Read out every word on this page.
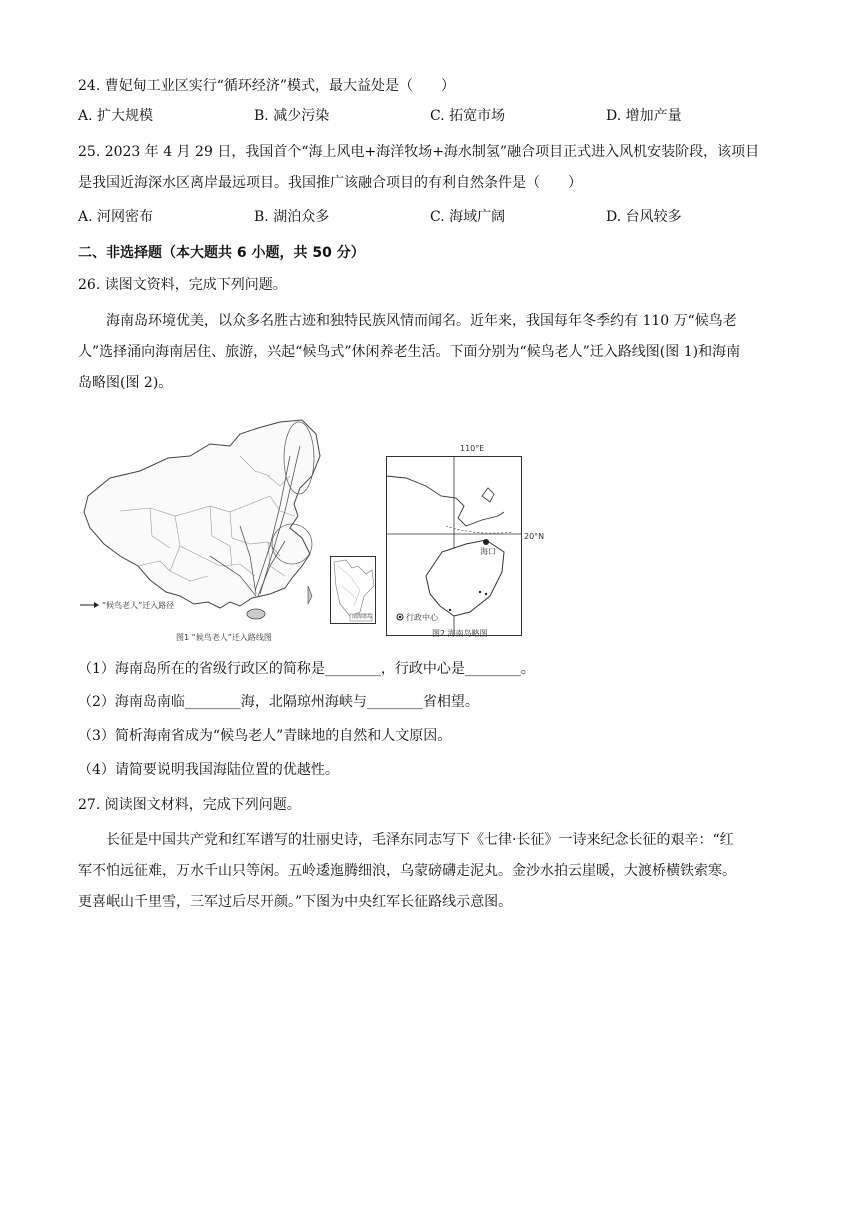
24. 曹妃甸工业区实行“循环经济”模式，最大益处是（　　）
A. 扩大规模	B. 减少污染	C. 拓宽市场	D. 增加产量
25. 2023 年 4 月 29 日，我国首个“海上风电+海洋牧场+海水制氢”融合项目正式进入风机安装阶段，该项目
是我国近海深水区离岸最远项目。我国推广该融合项目的有利自然条件是（　　）
A. 河网密布	B. 湖泊众多	C. 海域广阔	D. 台风较多
二、非选择题（本大题共 6 小题，共 50 分）
26. 读图文资料，完成下列问题。
海南岛环境优美，以众多名胜古迹和独特民族风情而闻名。近年来，我国每年冬季约有 110 万“候鸟老
人”选择涌向海南居住、旅游，兴起“候鸟式”休闲养老生活。下面分别为“候鸟老人”迁入路线图(图 1)和海南
岛略图(图 2)。
“候鸟老人”迁入路径
图1 “候鸟老人”迁入路线图
南海诸岛
110°E
20°N
海口
行政中心
图2 海南岛略图
（1）海南岛所在的省级行政区的简称是________，行政中心是________。
（2）海南岛南临________海，北隔琼州海峡与________省相望。
（3）简析海南省成为“候鸟老人”青睐地的自然和人文原因。
（4）请简要说明我国海陆位置的优越性。
27. 阅读图文材料，完成下列问题。
长征是中国共产党和红军谱写的壮丽史诗，毛泽东同志写下《七律·长征》一诗来纪念长征的艰辛：“红
军不怕远征难，万水千山只等闲。五岭逶迤腾细浪，乌蒙磅礴走泥丸。金沙水拍云崖暖，大渡桥横铁索寒。
更喜岷山千里雪，三军过后尽开颜。”下图为中央红军长征路线示意图。
